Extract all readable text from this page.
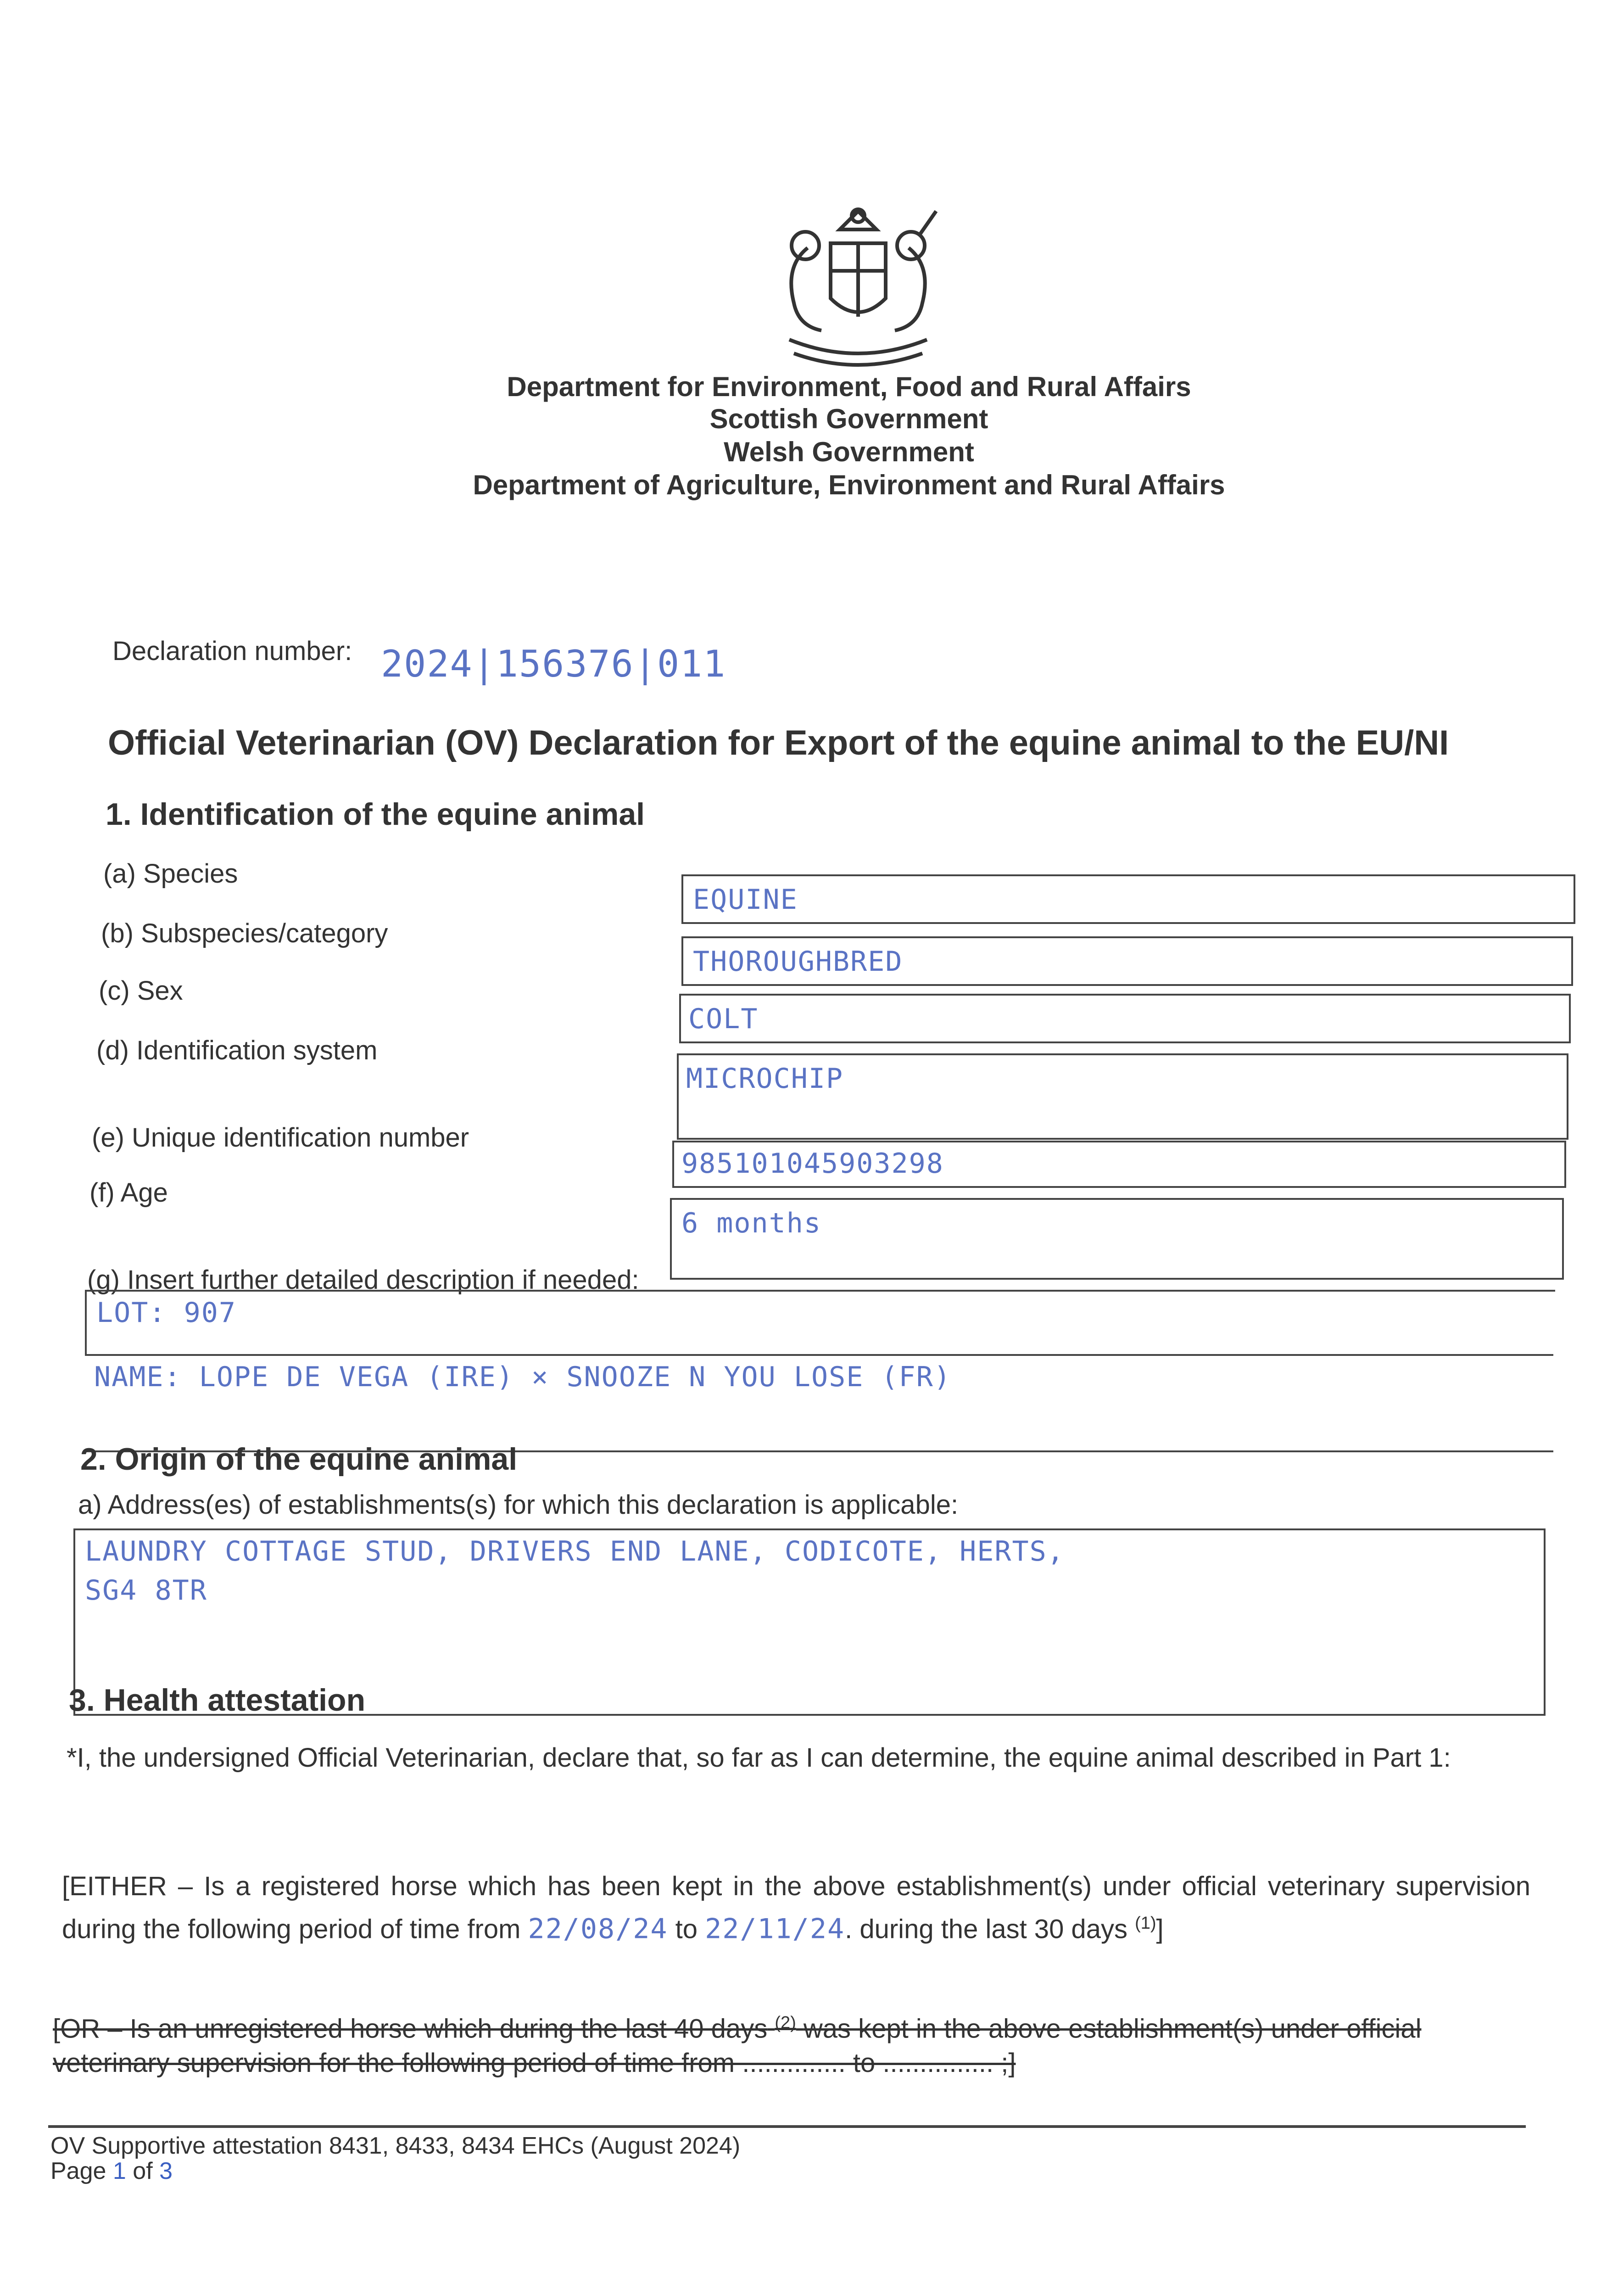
Department for Environment, Food and Rural Affairs
Scottish Government
Welsh Government
Department of Agriculture, Environment and Rural Affairs
Declaration number: 2024|156376|011
Official Veterinarian (OV) Declaration for Export of the equine animal to the EU/NI
1. Identification of the equine animal
(a) Species
EQUINE
(b) Subspecies/category
THOROUGHBRED
(c) Sex
COLT
(d) Identification system
MICROCHIP
(e) Unique identification number
985101045903298
(f) Age
6 months
(g) Insert further detailed description if needed:
LOT: 907
NAME: LOPE DE VEGA (IRE) × SNOOZE N YOU LOSE (FR)
2. Origin of the equine animal
a) Address(es) of establishments(s) for which this declaration is applicable:
LAUNDRY COTTAGE STUD, DRIVERS END LANE, CODICOTE, HERTS,
SG4 8TR
3. Health attestation
*I, the undersigned Official Veterinarian, declare that, so far as I can determine, the equine animal described in Part 1:
[EITHER – Is a registered horse which has been kept in the above establishment(s) under official veterinary supervision during the following period of time from 22/08/24 to 22/11/24. during the last 30 days $^{(1)}$]
[OR – Is an unregistered horse which during the last 40 days $^{(2)}$ was kept in the above establishment(s) under official veterinary supervision for the following period of time from .............. to ............... ;]
OV Supportive attestation 8431, 8433, 8434 EHCs (August 2024)
Page 1 of 3
